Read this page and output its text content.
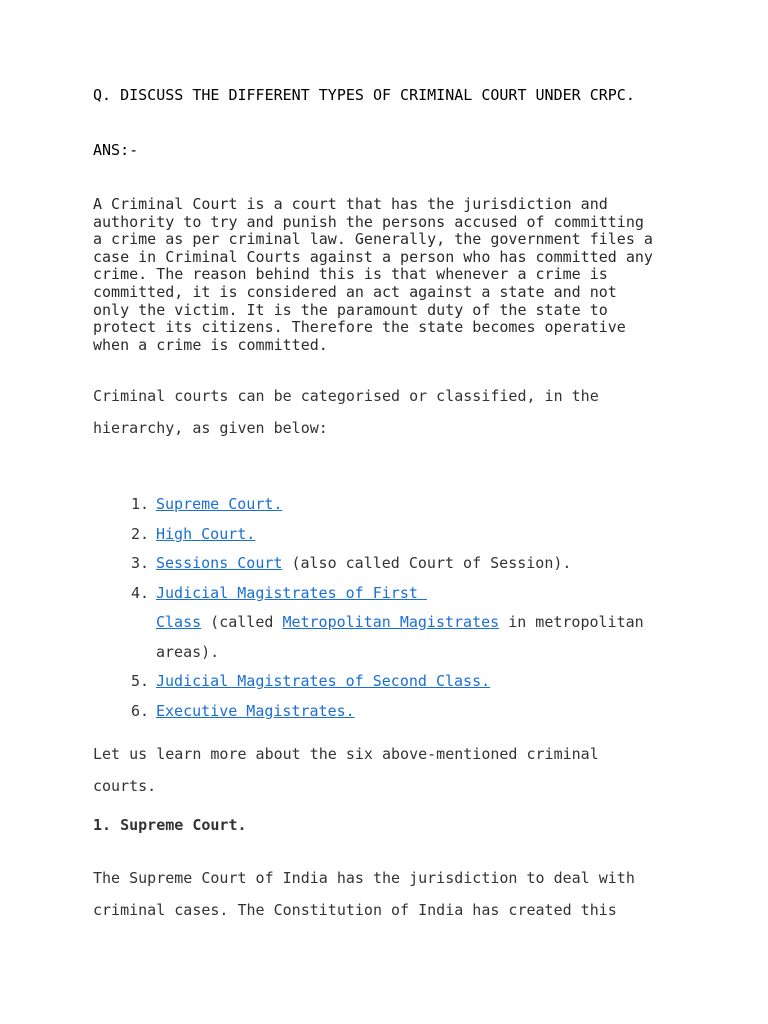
Q. DISCUSS THE DIFFERENT TYPES OF CRIMINAL COURT UNDER CRPC.

ANS:-

A Criminal Court is a court that has the jurisdiction and
authority to try and punish the persons accused of committing
a crime as per criminal law. Generally, the government files a
case in Criminal Courts against a person who has committed any
crime. The reason behind this is that whenever a crime is
committed, it is considered an act against a state and not
only the victim. It is the paramount duty of the state to
protect its citizens. Therefore the state becomes operative
when a crime is committed.
Criminal courts can be categorised or classified, in the
hierarchy, as given below:
1. Supreme Court.
2. High Court.
3. Sessions Court (also called Court of Session).
4. Judicial Magistrates of First
Class (called Metropolitan Magistrates in metropolitan
areas).
5. Judicial Magistrates of Second Class.
6. Executive Magistrates.
Let us learn more about the six above-mentioned criminal
courts.

1. Supreme Court.

The Supreme Court of India has the jurisdiction to deal with
criminal cases. The Constitution of India has created this
